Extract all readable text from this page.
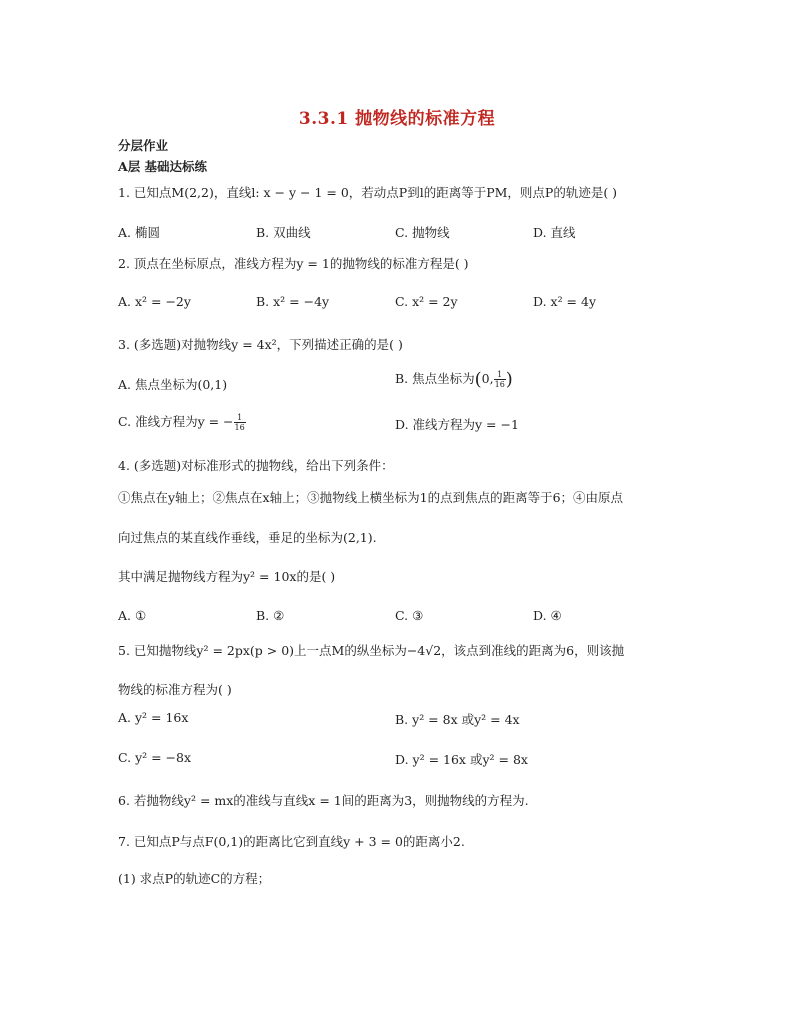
3.3.1 抛物线的标准方程
分层作业
A层 基础达标练
1. 已知点M(2,2)，直线l: x − y − 1 = 0，若动点P到l的距离等于PM，则点P的轨迹是( )
A. 椭圆	B. 双曲线	C. 抛物线	D. 直线
2. 顶点在坐标原点，准线方程为y = 1的抛物线的标准方程是( )
A. x² = −2y	B. x² = −4y	C. x² = 2y	D. x² = 4y
3. (多选题)对抛物线y = 4x²，下列描述正确的是( )
A. 焦点坐标为(0,1)	B. 焦点坐标为(0, $\frac{1}{16}$ )
C. 准线方程为y = − $\frac{1}{16}$	D. 准线方程为y = −1
4. (多选题)对标准形式的抛物线，给出下列条件：
①焦点在y轴上；②焦点在x轴上；③抛物线上横坐标为1的点到焦点的距离等于6；④由原点
向过焦点的某直线作垂线，垂足的坐标为(2,1).
其中满足抛物线方程为y² = 10x的是( )
A. ①	B. ②	C. ③	D. ④
5. 已知抛物线y² = 2px(p > 0)上一点M的纵坐标为−4√2，该点到准线的距离为6，则该抛
物线的标准方程为( )
A. y² = 16x	B. y² = 8x 或y² = 4x
C. y² = −8x	D. y² = 16x 或y² = 8x
6. 若抛物线y² = mx的准线与直线x = 1间的距离为3，则抛物线的方程为.
7. 已知点P与点F(0,1)的距离比它到直线y + 3 = 0的距离小2.
(1) 求点P的轨迹C的方程；
